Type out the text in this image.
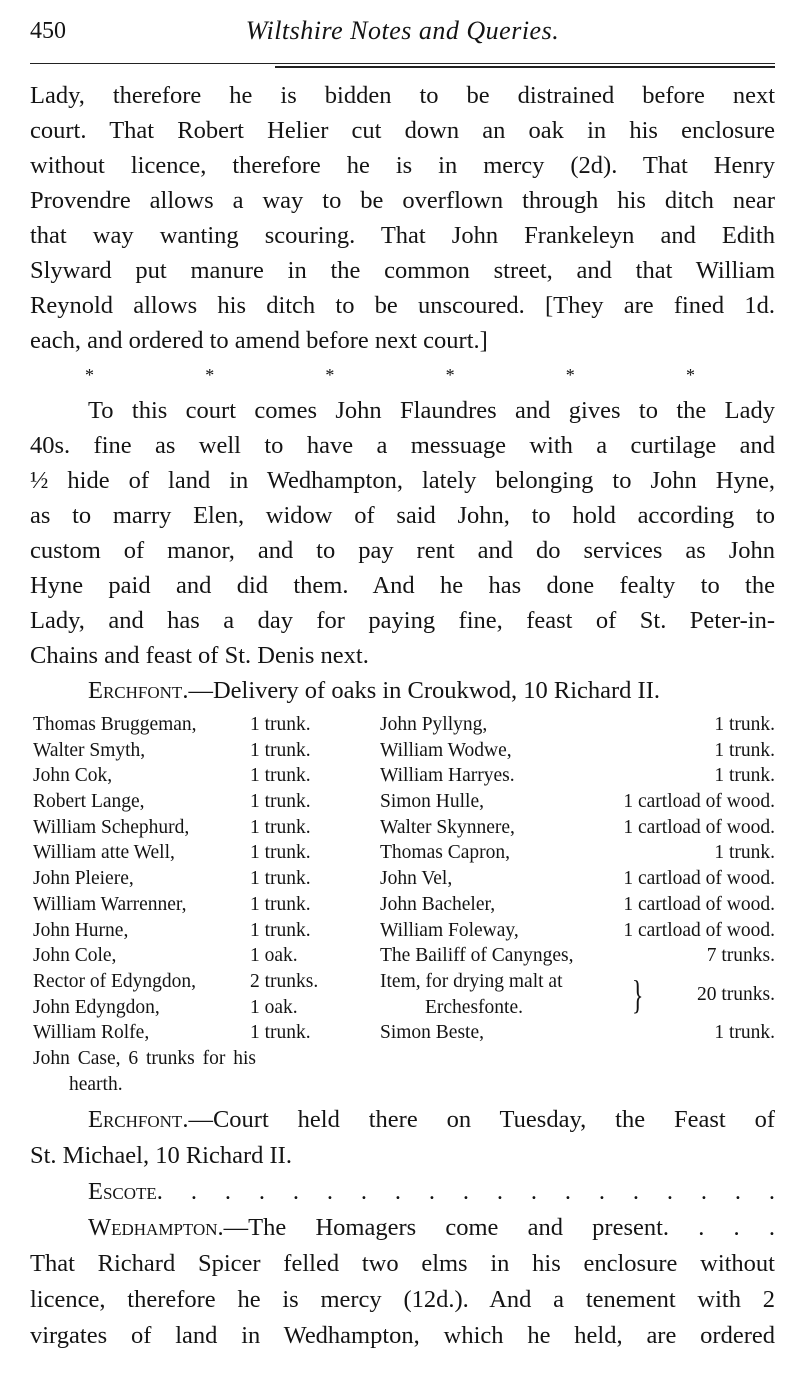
450	Wiltshire Notes and Queries.
Lady, therefore he is bidden to be distrained before next
court. That Robert Helier cut down an oak in his enclosure
without licence, therefore he is in mercy (2d). That Henry
Provendre allows a way to be overflown through his ditch near
that way wanting scouring. That John Frankeleyn and Edith
Slyward put manure in the common street, and that William
Reynold allows his ditch to be unscoured. [They are fined 1d.
each, and ordered to amend before next court.]
*	*	*	*	*	*
To this court comes John Flaundres and gives to the Lady
40s. fine as well to have a messuage with a curtilage and
½ hide of land in Wedhampton, lately belonging to John Hyne,
as to marry Elen, widow of said John, to hold according to
custom of manor, and to pay rent and do services as John
Hyne paid and did them. And he has done fealty to the
Lady, and has a day for paying fine, feast of St. Peter-in-
Chains and feast of St. Denis next.
Erchfont.—Delivery of oaks in Croukwod, 10 Richard II.
Thomas Bruggeman,	1 trunk.
Walter Smyth,	1 trunk.
John Cok,	1 trunk.
Robert Lange,	1 trunk.
William Schephurd,	1 trunk.
William atte Well,	1 trunk.
John Pleiere,	1 trunk.
William Warrenner,	1 trunk.
John Hurne,	1 trunk.
John Cole,	1 oak.
Rector of Edyngdon,	2 trunks.
John Edyngdon,	1 oak.
William Rolfe,	1 trunk.
John Case, 6 trunks for his
hearth.
John Pyllyng,	1 trunk.
William Wodwe,	1 trunk.
William Harryes.	1 trunk.
Simon Hulle,	1 cartload of wood.
Walter Skynnere,	1 cartload of wood.
Thomas Capron,	1 trunk.
John Vel,	1 cartload of wood.
John Bacheler,	1 cartload of wood.
William Foleway,	1 cartload of wood.
The Bailiff of Canynges,	7 trunks.
Item, for drying malt at
Erchesfonte.	}	20 trunks.
Simon Beste,	1 trunk.
Erchfont.—Court held there on Tuesday, the Feast of
St. Michael, 10 Richard II.
Escote. . . . . . . . . . . . . . . . . . .
Wedhampton.—The Homagers come and present. . . .
That Richard Spicer felled two elms in his enclosure without
licence, therefore he is mercy (12d.). And a tenement with 2
virgates of land in Wedhampton, which he held, are ordered
